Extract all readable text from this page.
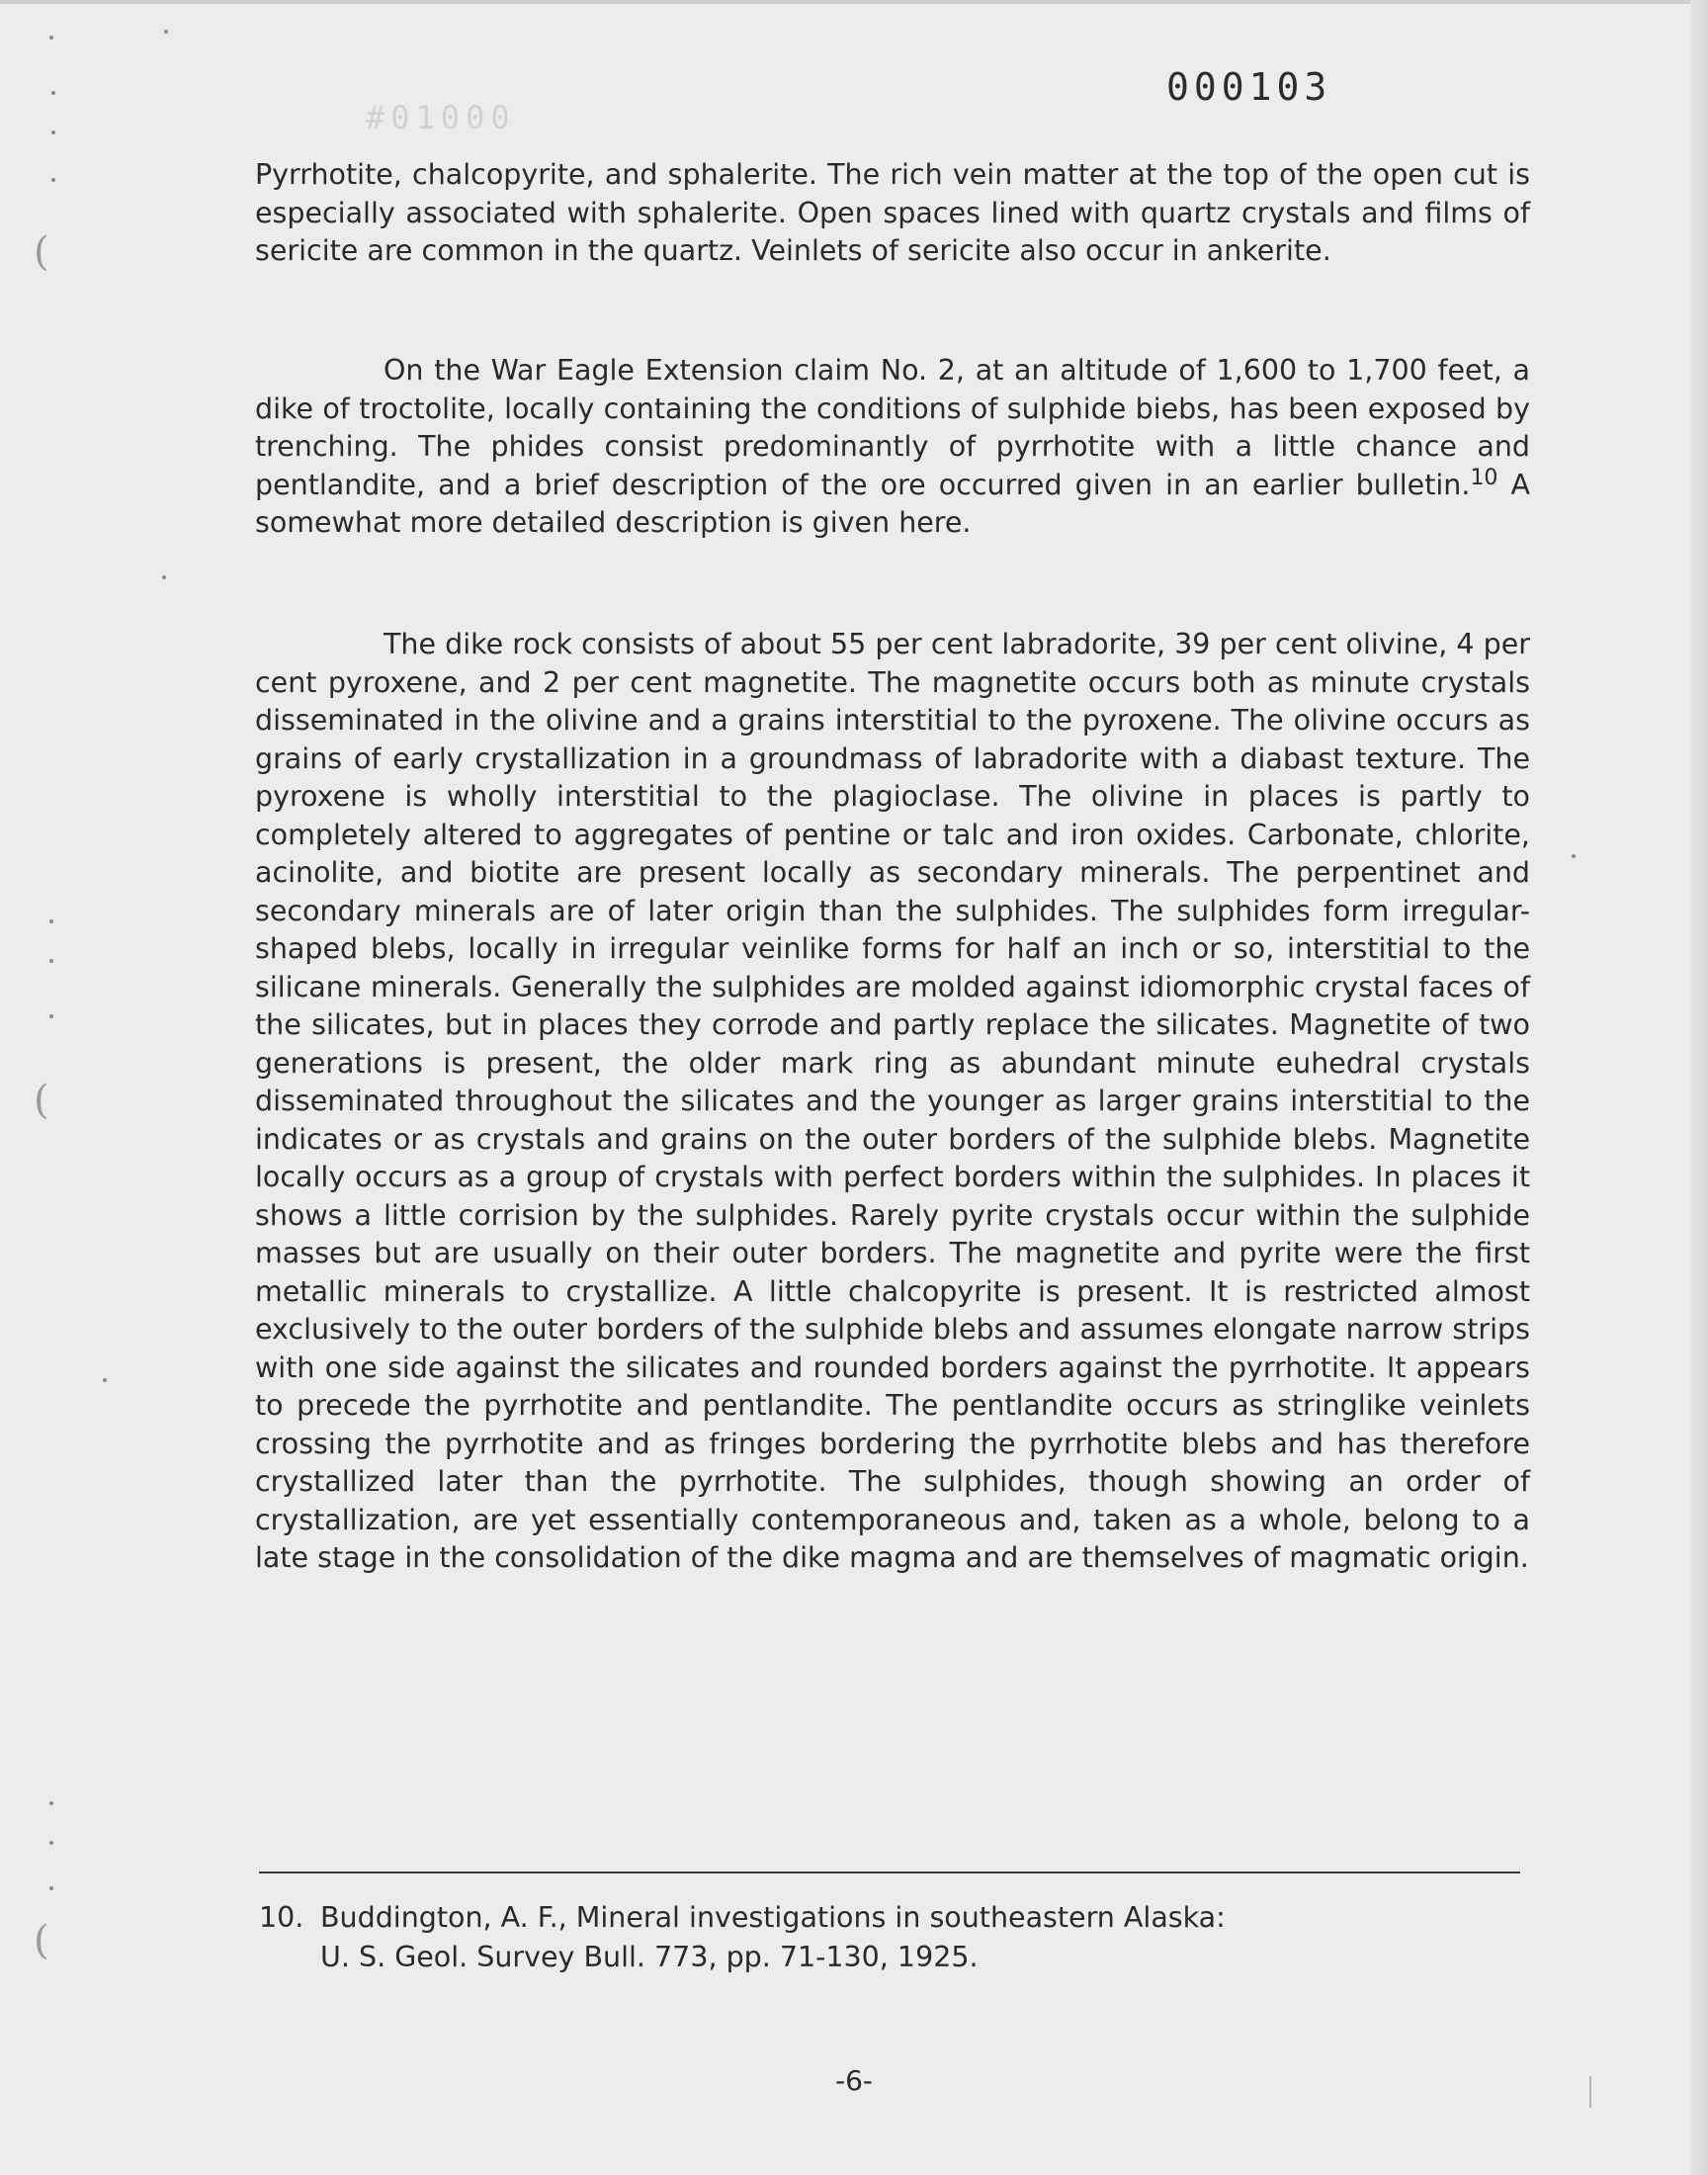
000103
#01000

Pyrrhotite, chalcopyrite, and sphalerite. The rich vein matter at the top of the open cut is especially associated with sphalerite. Open spaces lined with quartz crystals and films of sericite are common in the quartz. Veinlets of sericite also occur in ankerite.

On the War Eagle Extension claim No. 2, at an altitude of 1,600 to 1,700 feet, a dike of troctolite, locally containing the conditions of sulphide biebs, has been exposed by trenching. The phides consist predominantly of pyrrhotite with a little chance and pentlandite, and a brief description of the ore occurred given in an earlier bulletin.$^{10}$ A somewhat more detailed description is given here.

The dike rock consists of about 55 per cent labradorite, 39 per cent olivine, 4 per cent pyroxene, and 2 per cent magnetite. The magnetite occurs both as minute crystals disseminated in the olivine and a grains interstitial to the pyroxene. The olivine occurs as grains of early crystallization in a groundmass of labradorite with a diabast texture. The pyroxene is wholly interstitial to the plagioclase. The olivine in places is partly to completely altered to aggregates of pentine or talc and iron oxides. Carbonate, chlorite, acinolite, and biotite are present locally as secondary minerals. The perpentinet and secondary minerals are of later origin than the sulphides. The sulphides form irregular-shaped blebs, locally in irregular veinlike forms for half an inch or so, interstitial to the silicane minerals. Generally the sulphides are molded against idiomorphic crystal faces of the silicates, but in places they corrode and partly replace the silicates. Magnetite of two generations is present, the older mark ring as abundant minute euhedral crystals disseminated throughout the silicates and the younger as larger grains interstitial to the indicates or as crystals and grains on the outer borders of the sulphide blebs. Magnetite locally occurs as a group of crystals with perfect borders within the sulphides. In places it shows a little corrision by the sulphides. Rarely pyrite crystals occur within the sulphide masses but are usually on their outer borders. The magnetite and pyrite were the first metallic minerals to crystallize. A little chalcopyrite is present. It is restricted almost exclusively to the outer borders of the sulphide blebs and assumes elongate narrow strips with one side against the silicates and rounded borders against the pyrrhotite. It appears to precede the pyrrhotite and pentlandite. The pentlandite occurs as stringlike veinlets crossing the pyrrhotite and as fringes bordering the pyrrhotite blebs and has therefore crystallized later than the pyrrhotite. The sulphides, though showing an order of crystallization, are yet essentially contemporaneous and, taken as a whole, belong to a late stage in the consolidation of the dike magma and are themselves of magmatic origin.

10. Buddington, A. F., Mineral investigations in southeastern Alaska:
U. S. Geol. Survey Bull. 773, pp. 71-130, 1925.
-6-
(
(
(
